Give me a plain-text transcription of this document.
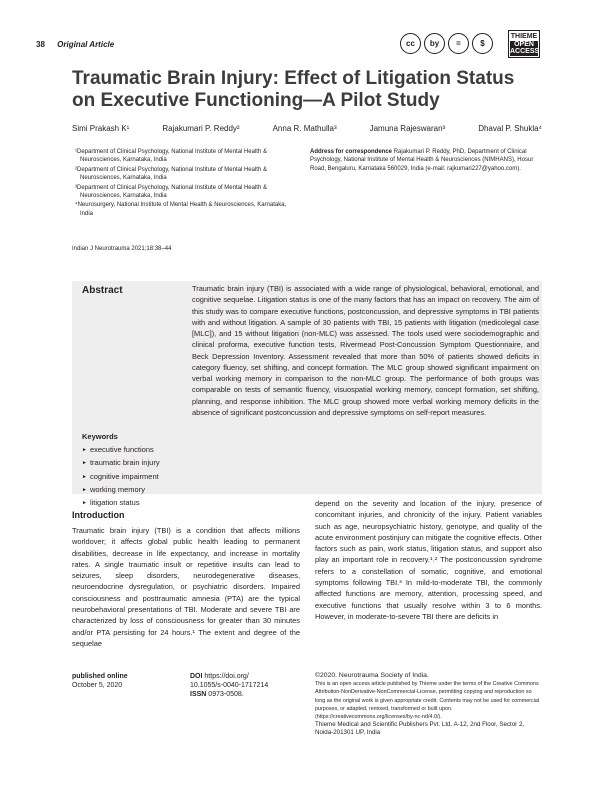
38 Original Article	cc	by	=	$
THIEME
OPEN
ACCESS
Traumatic Brain Injury: Effect of Litigation Status on Executive Functioning—A Pilot Study
Simi Prakash K¹	Rajakumari P. Reddy²	Anna R. Mathulla³	Jamuna Rajeswaran³	Dhaval P. Shukla⁴

¹Department of Clinical Psychology, National Institute of Mental Health & Neurosciences, Karnataka, India

²Department of Clinical Psychology, National Institute of Mental Health & Neurosciences, Karnataka, India

³Department of Clinical Psychology, National Institute of Mental Health & Neurosciences, Karnataka, India

⁴Neurosurgery, National Institute of Mental Health & Neurosciences, Karnataka, India

Address for correspondence Rajakumari P. Reddy, PhD, Department of Clinical Psychology, National Institute of Mental Health & Neurosciences (NIMHANS), Hosur Road, Bengaluru, Karnataka 560029, India (e-mail: rajkumari227@yahoo.com).
Indian J Neurotrauma 2021;18:38–44
Abstract	Traumatic brain injury (TBI) is associated with a wide range of physiological, behavioral, emotional, and cognitive sequelae. Litigation status is one of the many factors that has an impact on recovery. The aim of this study was to compare executive functions, postconcussion, and depressive symptoms in TBI patients with and without litigation. A sample of 30 patients with TBI, 15 patients with litigation (medicolegal case [MLC]), and 15 without litigation (non-MLC) was assessed. The tools used were sociodemographic and clinical proforma, executive function tests, Rivermead Post-Concussion Symptom Questionnaire, and Beck Depression Inventory. Assessment revealed that more than 50% of patients showed deficits in category fluency, set shifting, and concept formation. The MLC group showed significant impairment on verbal working memory in comparison to the non-MLC group. The performance of both groups was comparable on tests of semantic fluency, visuospatial working memory, concept formation, set shifting, planning, and response inhibition. The MLC group showed more verbal working memory deficits in the absence of significant postconcussion and depressive symptoms on self-report measures.
Keywords
► executive functions
► traumatic brain injury
► cognitive impairment
► working memory
► litigation status
Introduction

Traumatic brain injury (TBI) is a condition that affects millions worldover; it affects global public health leading to permanent disabilities, decrease in life expectancy, and increase in mortality rates. A single traumatic insult or repetitive insults can lead to seizures, sleep disorders, neurodegenerative diseases, neuroendocrine dysregulation, or psychiatric disorders. Impaired consciousness and posttraumatic amnesia (PTA) are the typical neurobehavioral presentations of TBI. Moderate and severe TBI are characterized by loss of consciousness for greater than 30 minutes and/or PTA persisting for 24 hours.¹ The extent and degree of the sequelae

depend on the severity and location of the injury, presence of concomitant injuries, and chronicity of the injury. Patient variables such as age, neuropsychiatric history, genotype, and quality of the acute environment postinjury can mitigate the cognitive effects. Other factors such as pain, work status, litigation status, and support also play an important role in recovery.¹˒² The postconcussion syndrome refers to a constellation of somatic, cognitive, and emotional symptoms following TBI.³ In mild-to-moderate TBI, the commonly affected functions are memory, attention, processing speed, and executive functions that usually resolve within 3 to 6 months. However, in moderate-to-severe TBI there are deficits in

published online
October 5, 2020
DOI https://doi.org/
10.1055/s-0040-1717214
ISSN 0973-0508.
©2020. Neurotrauma Society of India.
This is an open access article published by Thieme under the terms of the Creative Commons Attribution-NonDerivative-NonCommercial-License, permitting copying and reproduction so long as the original work is given appropriate credit. Contents may not be used for commercial purposes, or adapted, remixed, transformed or built upon. (https://creativecommons.org/licenses/by-nc-nd/4.0/).
Thieme Medical and Scientific Publishers Pvt. Ltd. A-12, 2nd Floor, Sector 2, Noida-201301 UP, India
